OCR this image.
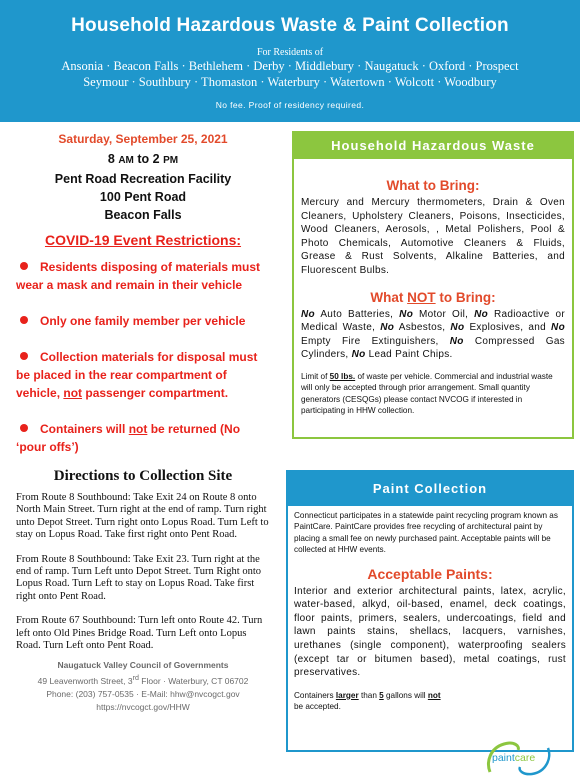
Household Hazardous Waste & Paint Collection
For Residents of
Ansonia · Beacon Falls · Bethlehem · Derby · Middlebury · Naugatuck · Oxford · Prospect
Seymour · Southbury · Thomaston · Waterbury · Watertown · Wolcott · Woodbury
No fee. Proof of residency required.
Saturday, September 25, 2021
8 AM to 2 PM
Pent Road Recreation Facility
100 Pent Road
Beacon Falls
COVID-19 Event Restrictions:
Residents disposing of materials must wear a mask and remain in their vehicle
Only one family member per vehicle
Collection materials for disposal must be placed in the rear compartment of vehicle, not passenger compartment.
Containers will not be returned (No ‘pour offs’)
Directions to Collection Site

From Route 8 Southbound: Take Exit 24 on Route 8 onto North Main Street. Turn right at the end of ramp. Turn right unto Depot Street. Turn right onto Lopus Road. Turn Left to stay on Lopus Road. Take first right onto Pent Road.

From Route 8 Southbound: Take Exit 23. Turn right at the end of ramp. Turn Left unto Depot Street. Turn Right onto Lopus Road. Turn Left to stay on Lopus Road. Take first right onto Pent Road.

From Route 67 Southbound: Turn left onto Route 42. Turn left onto Old Pines Bridge Road. Turn Left onto Lopus Road. Turn Left onto Pent Road.

Naugatuck Valley Council of Governments
49 Leavenworth Street, 3rd Floor · Waterbury, CT 06702
Phone: (203) 757-0535 · E-Mail: hhw@nvcogct.gov
https://nvcogct.gov/HHW
Household Hazardous Waste
What to Bring:
Mercury and Mercury thermometers, Drain & Oven Cleaners, Upholstery Cleaners, Poisons, Insecticides, Wood Cleaners, Aerosols, , Metal Polishers, Pool & Photo Chemicals, Automotive Cleaners & Fluids, Grease & Rust Solvents, Alkaline Batteries, and Fluorescent Bulbs.
What NOT to Bring:
No Auto Batteries, No Motor Oil, No Radioactive or Medical Waste, No Asbestos, No Explosives, and No Empty Fire Extinguishers, No Compressed Gas Cylinders, No Lead Paint Chips.
Limit of 50 lbs. of waste per vehicle. Commercial and industrial waste will only be accepted through prior arrangement. Small quantity generators (CESQGs) please contact NVCOG if interested in participating in HHW collection.
Paint Collection
Connecticut participates in a statewide paint recycling program known as PaintCare. PaintCare provides free recycling of architectural paint by placing a small fee on newly purchased paint. Acceptable paints will be collected at HHW events.
Acceptable Paints:
Interior and exterior architectural paints, latex, acrylic, water-based, alkyd, oil-based, enamel, deck coatings, floor paints, primers, sealers, undercoatings, field and lawn paints stains, shellacs, lacquers, varnishes, urethanes (single component), waterproofing sealers (except tar or bitumen based), metal coatings, rust preservatives.
Containers larger than 5 gallons will not be accepted.
paintcare
